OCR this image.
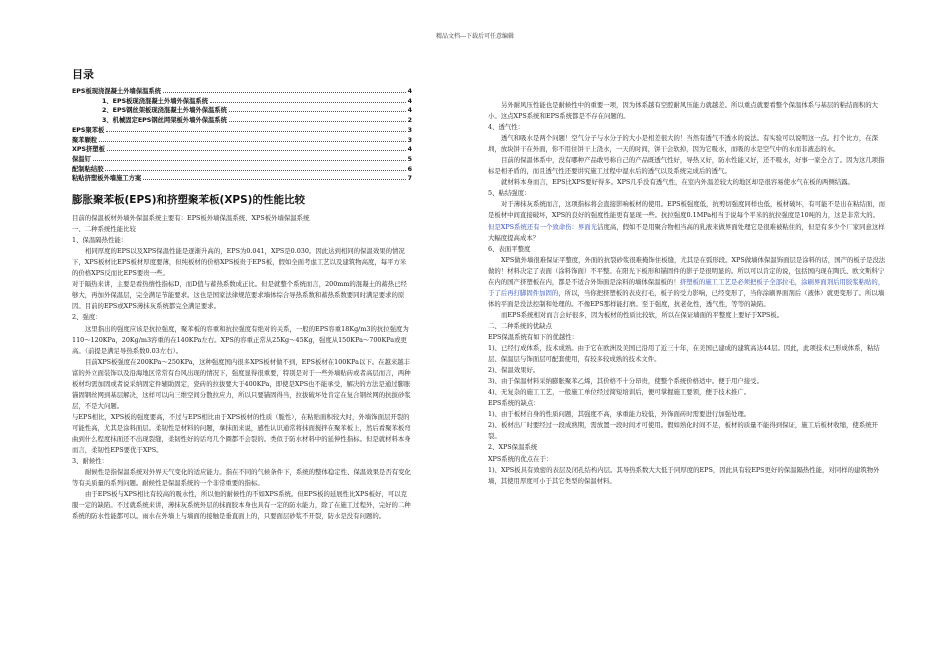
精品文档---下载后可任意编辑
目录
EPS板现浇混凝土外墙保温系统	4
1、EPS板现浇混凝土外墙外保温系统	4
2、EPS钢丝架板现浇混凝土外墙外保温系统	4
3、机械固定EPS钢丝网架板外墙外保温系统	2
EPS聚苯板	3
聚苯颗粒	3
XPS挤塑板	4
保温钉	5
配制粘结胶	6
粘贴挤塑板外墙施工方案	7
膨胀聚苯板(EPS)和挤塑聚苯板(XPS)的性能比较
目前的保温板材外墙外保温系统主要有：EPS板外墙保温系统、XPS板外墙保温系统
一、二种系统性能比较
1、保温隔热性能：
相同厚度的EPS以及XPS保温性能是逐渐升高的，EPS为0.041，XPS是0.030。因此达到相同的保温效果的情况下，XPS板材比EPS板材厚度要薄，但纯板材的价格XPS板贵于EPS板，假如全面考虑工艺以及建筑物高度，每平方米的价格XPS反而比EPS要贵一些。
对于隔热来讲，主要是看热惰性指标D，而D值与蓄热系数成正比。但是就整个系统而言，200mm的混凝土的蓄热已经够大，再加外保温层，完全满足节能要求。这也是国家法律规范要求墙体综合导热系数和蓄热系数要同时满足要求的原因。目前的EPS或XPS薄抹灰系统都完全满足要求。
2、强度：
这里指出的强度应该是抗拉强度，聚苯板的容重和抗拉强度有绝对的关系，一般的EPS容重18Kg/m3的抗拉强度为110～120KPa，20Kg/m3容重的在140KPa左右。XPS的容重正常从25Kg～45Kg，强度从150KPa～700KPa或更高。（前提是满足导热系数0.03左右）。
目前XPS板强度在200KPa～250KPa，这种强度国内很多XPS板材做不到，EPS板材在100KPa以下。在越来越丰富的外立面装饰以及沿海地区常常有台风出现的情况下，强度显得很重要，特别是对于一些外墙贴砖或者高层而言，两种板材均需加固或者说采纳固定件辅助固定，瓷砖的拉拔要大于400KPa，即使是XPS也不能承受，解决的方法是通过膨胀锚固钢丝网到基层解决，这样可以向三维空间分散拉应力，所以只要锚固得当，拉拔破坏处肯定在复合钢丝网的抗拔砂浆层，不是大问题。
与EPS相比，XPS板的强度要高，不过与EPS相比由于XPS板材的性质（脆性），在粘贴面积较大时，外墙饰面层开裂的可能性高，尤其是涂料面层。柔韧性是材料的问题，拿抹面来说，感性认识通常将抹面搅拌在聚苯板上，然后看聚苯板弯曲到什么程度抹面还不出现裂缝，柔韧性好的话弯几个圈都不会裂的。类似于防水材料中的延伸性指标。但是就材料本身而言，柔韧性EPS要优于XPS。
3、耐候性：
耐候性是指保温系统对外界天气变化的适应能力。指在不同的气候条件下，系统的整体稳定性、保温效果是否有变化等有关质量的系列问题。耐候性是保温系统的一个非常重要的指标。
由于EPS板与XPS相比有较高的吸水性，所以他的耐候性的不如XPS系统。但EPS板的延展性比XPS板好，可以克服一定的缺陷。不过就系统来讲，薄抹灰系统外层的抹面胶本身也具有一定的防水能力，除了在施工过程外，完好的二种系统的防水性能都可以。雨水在外墙上与墙面的接触是垂直面上的，只要面层砂浆不开裂，防水是没有问题的。
另外耐风压性能也是耐候性中的重要一项，因为体系越有空腔耐风压能力就越差。所以重点就要看整个保温体系与基层的粘结面积的大小。这点XPS系统和EPS系统都是不存在问题的。
4、透气性：
透气和吸水是两个问题！空气分子与水分子的大小是相差很大的！当然有透气不透水的说法。有实验可以说明这一点。打个比方，在深圳，放块饼干在外面，你不用住饼干上浇水，一天的时间，饼干会软掉，因为它吸水，而吸的水是空气中的水而非液态的水。
目前的保温体系中，没有哪种产品敢号称自己的产品既透气性好，导热又好，防水性能又好，还不吸水，好事一家全占了。因为这几项指标是相矛盾的，而且透气性还要讲究施工过程中湿水后的透气以及系统完成后的透气。
就材料本身而言，EPS比XPS要好得多。XPS几乎没有透气性，在室内外温差较大的地区却是很容易使水气在板的两侧结露。
5、粘结强度：
对于薄抹灰系统而言，这项指标将会直接影响板材的使用。EPS板强度低，抗剪切强度同样也低，板材破坏，有可能不是出在粘结面，而是板材中间直接破坏，XPS的良好的强度性能更有显现一些。抗拉强度0.1MPa相当于说每个平米的抗拉强度是10吨的力，这是非常大的。
但是XPS系统还有一个致命伤：界面光洁度高，假如不是用聚合物相当高的乳液来做界面处理它是很难被粘住的，但是有多少个厂家同意这样大幅度提高成本？
6、表面平整度
XPS做外墙很难保证平整度，外面的抗裂砂浆很难掩饰住板缝，尤其是在弧形段。XPS做墙体保温饰面层是涂料的话，国产的板子是没法做的！材料决定了表面（涂料饰面）不平整。在阳光下板形和锚固件的影子是很明显的。所以可以肯定的说，包括国内现在陶氏、欧文斯科宁在内的国产挤塑板在内，都是不适合外饰面是涂料的墙体保温板的！挤塑板的施工工艺是必须把板子全部拉毛，涂刷界面剂后用胶浆粘贴的，于了后再打脚固件加固的，所以，当你把挤塑板的表皮打毛，板子的受力影响，已经变形了，当你涂刷界面剂后（液体）就更变形了。所以墙体的平面是没法控制和处理的。不像EPS那样能打磨。至于强度，抗老化性，透气性，等等的缺陷。
而EPS系统相对而言会好很多，因为板材的性质比较软，所以在保证墙面的平整度上要好于XPS板。
二、二种系统的优缺点
EPS保温系统有如下的优越性：
1)、已经行成体系，技术成熟。由于它在欧洲及美国已沿用了近三十年，在美国已建成的建筑高达44层。因此，此项技术已形成体系，粘结层、保温层与饰面层可配套使用，有较多较成熟的技术文件。
2)、保温效果好。
3)、由于保温材料采纳膨胀聚苯乙烯，其价格不十分昂贵，使整个系统价格适中。便于用户接受。
4)、无复杂的施工工艺，一般施工单位经过简短培训后，便可掌握施工要领，便于技术推广。
EPS系统的缺点：
1)、由于板材自身的性质问题，其强度不高，承重能力较低，外饰面砖时需要进行加强处理。
2)、板材出厂时要经过一段成熟期，需放置一段时间才可使用。假如熟化时间不足，板材的质量不能得到保证，施工后板材收缩，使系统开裂。
2、XPS保温系统
XPS系统的优点在于：
1)、XPS板具有致密的表层及闭孔结构内层。其导热系数大大低于同厚度的EPS，因此具有较EPS更好的保温隔热性能，对同样的建筑物外墙，其使用厚度可小于其它类型的保温材料。
